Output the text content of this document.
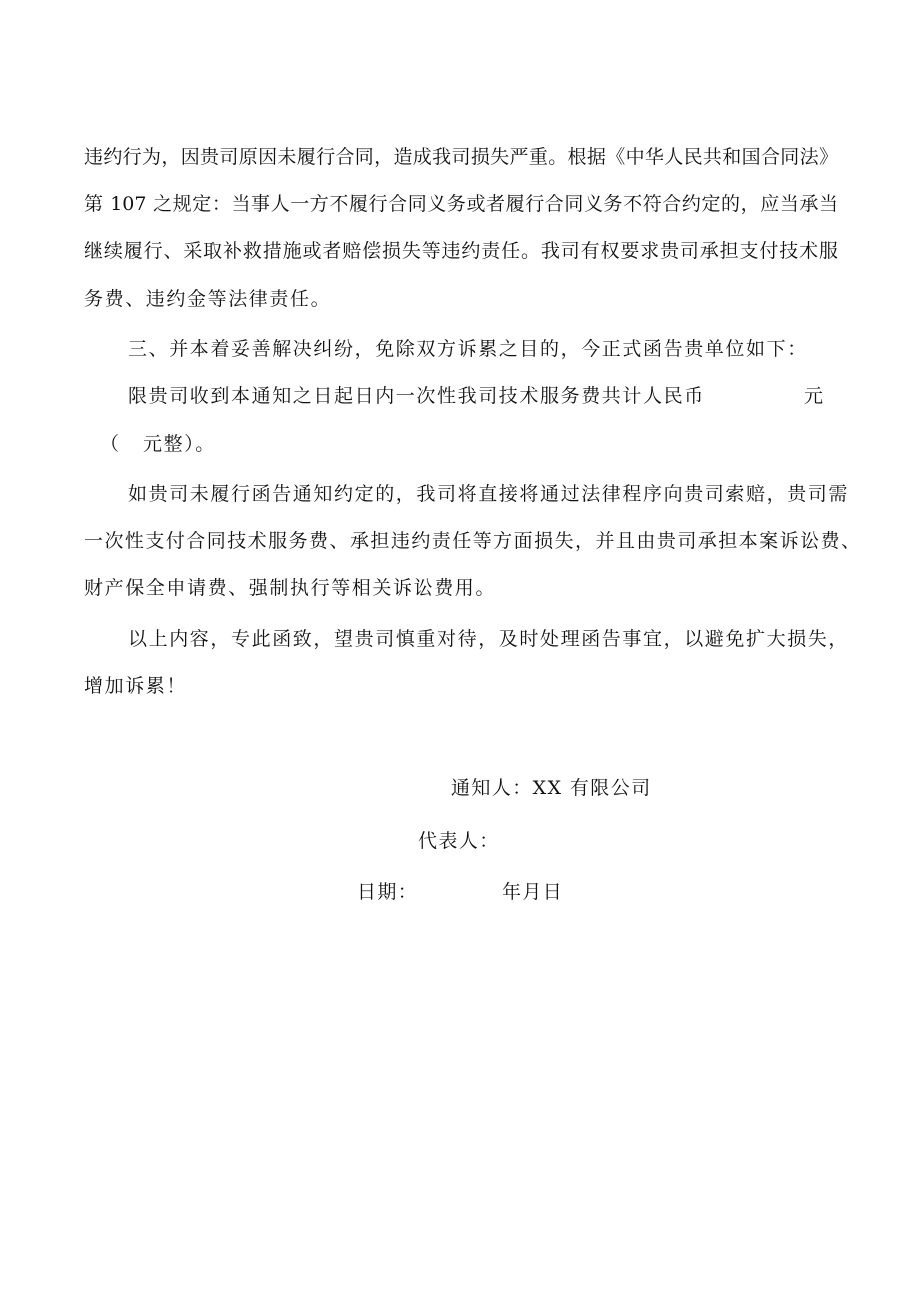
违约行为，因贵司原因未履行合同，造成我司损失严重。根据《中华人民共和国合同法》
第 107 之规定：当事人一方不履行合同义务或者履行合同义务不符合约定的，应当承当
继续履行、采取补救措施或者赔偿损失等违约责任。我司有权要求贵司承担支付技术服
务费、违约金等法律责任。
三、并本着妥善解决纠纷，免除双方诉累之目的，今正式函告贵单位如下：
限贵司收到本通知之日起日内一次性我司技术服务费共计人民币	元
（ 元整）。
如贵司未履行函告通知约定的，我司将直接将通过法律程序向贵司索赔，贵司需
一次性支付合同技术服务费、承担违约责任等方面损失，并且由贵司承担本案诉讼费、
财产保全申请费、强制执行等相关诉讼费用。
以上内容，专此函致，望贵司慎重对待，及时处理函告事宜，以避免扩大损失，
增加诉累！
通知人：XX 有限公司
代表人：
日期：	年月日
